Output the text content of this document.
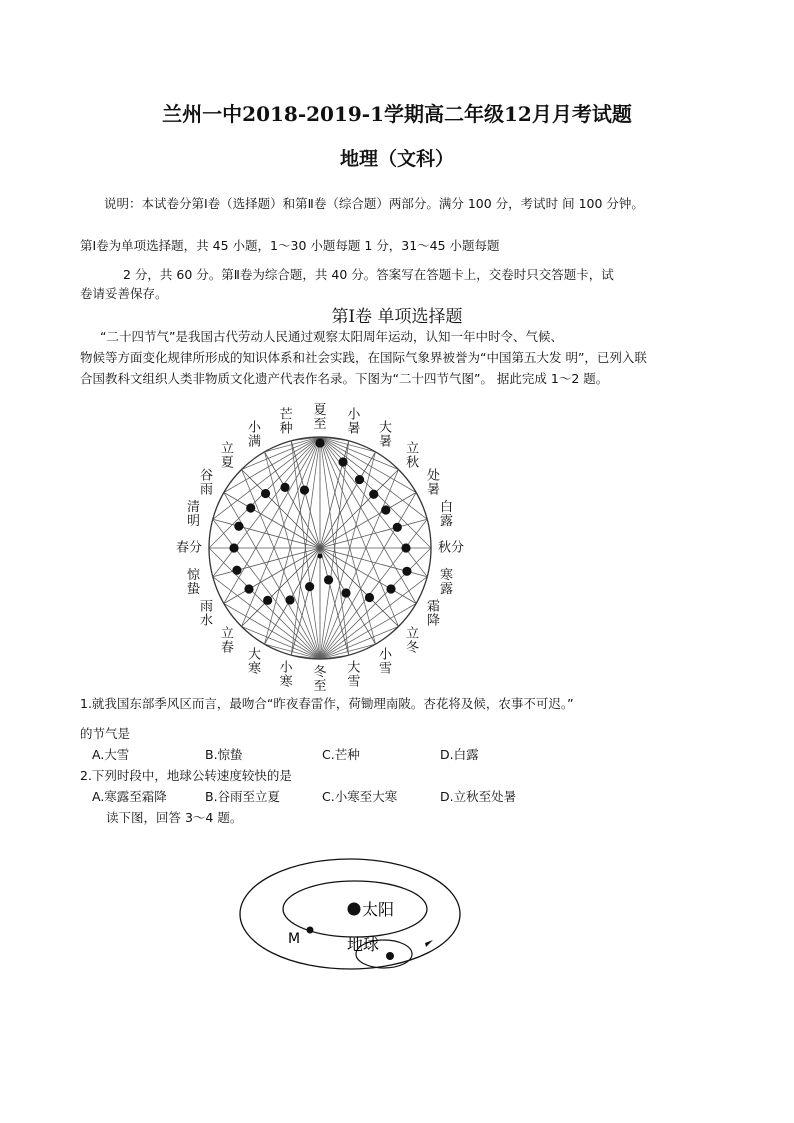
兰州一中2018-2019-1学期高二年级12月月考试题
地理（文科）
说明：本试卷分第Ⅰ卷（选择题）和第Ⅱ卷（综合题）两部分。满分 100 分，考试时 间 100 分钟。
第Ⅰ卷为单项选择题，共 45 小题，1～30 小题每题 1 分，31～45 小题每题
2 分，共 60 分。第Ⅱ卷为综合题，共 40 分。答案写在答题卡上，交卷时只交答题卡，试
卷请妥善保存。
第Ⅰ卷 单项选择题
“二十四节气”是我国古代劳动人民通过观察太阳周年运动，认知一年中时令、气候、
物候等方面变化规律所形成的知识体系和社会实践，在国际气象界被誉为“中国第五大发 明”，已列入联
合国教科文组织人类非物质文化遗产代表作名录。下图为“二十四节气图”。 据此完成 1～2 题。
夏至
小暑 大暑 立秋
处暑
白露
秋分
寒露
霜降
立冬
小雪
大雪
冬至
小寒
大寒
立春
雨水
惊蛰
春分
清明
谷雨
立夏
小满
芒种
1.就我国东部季风区而言，最吻合“昨夜春雷作，荷锄理南陂。杏花将及候，农事不可迟。”
的节气是
A.大雪	B.惊蛰	C.芒种	D.白露
2.下列时段中，地球公转速度较快的是
A.寒露至霜降	B.谷雨至立夏	C.小寒至大寒	D.立秋至处暑
读下图，回答 3～4 题。
太阳
地球
M
